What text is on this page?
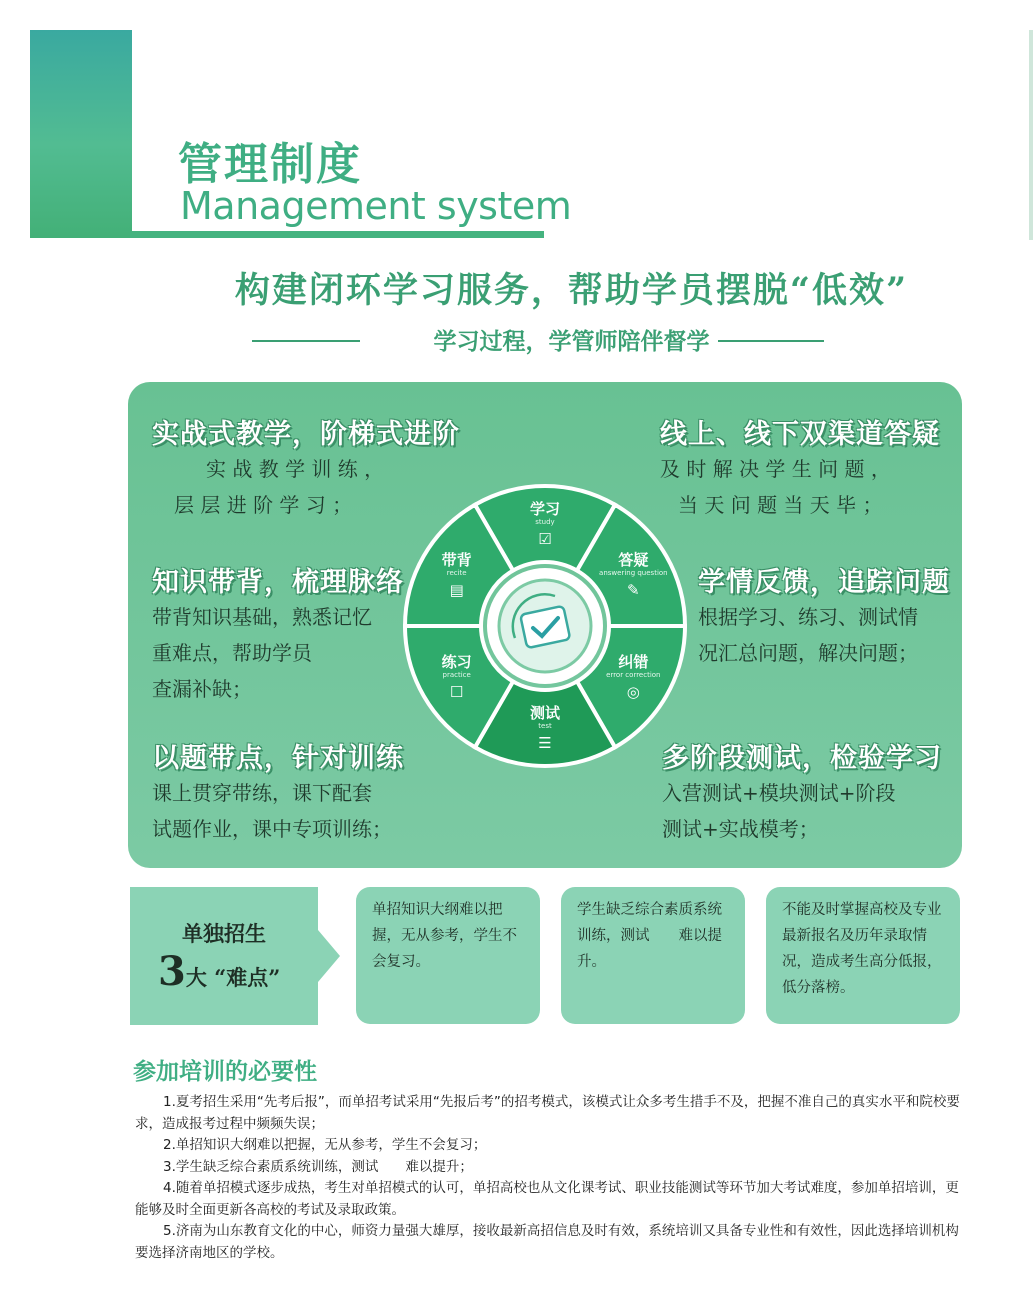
管理制度
Management system
构建闭环学习服务，帮助学员摆脱“低效”
学习过程，学管师陪伴督学
实战式教学，阶梯式进阶
实 战 教 学 训 练 ，
层 层 进 阶 学 习 ；
知识带背，梳理脉络
带背知识基础，熟悉记忆
重难点，帮助学员
查漏补缺；
以题带点，针对训练
课上贯穿带练，课下配套
试题作业，课中专项训练；
线上、线下双渠道答疑
及 时 解 决 学 生 问 题 ，
当 天 问 题 当 天 毕 ；
学情反馈，追踪问题
根据学习、练习、测试情
况汇总问题，解决问题；
多阶段测试，检验学习
入营测试+模块测试+阶段
测试+实战模考；
学习
study
☑
答疑
answering question
✎
纠错
error correction
◎
测试
test
☰
练习
practice
☐
带背
recite
▤
单独招生
3大 “难点”
单招知识大纲难以把握，无从参考，学生不会复习。
学生缺乏综合素质系统训练，测试　　难以提升。
不能及时掌握高校及专业最新报名及历年录取情况，造成考生高分低报，低分落榜。
参加培训的必要性
1.夏考招生采用“先考后报”，而单招考试采用“先报后考”的招考模式，该模式让众多考生措手不及，把握不准自己的真实水平和院校要求，造成报考过程中频频失误；
2.单招知识大纲难以把握，无从参考，学生不会复习；
3.学生缺乏综合素质系统训练，测试　　难以提升；
4.随着单招模式逐步成热，考生对单招模式的认可，单招高校也从文化课考试、职业技能测试等环节加大考试难度，参加单招培训，更能够及时全面更新各高校的考试及录取政策。
5.济南为山东教育文化的中心，师资力量强大雄厚，接收最新高招信息及时有效，系统培训又具备专业性和有效性，因此选择培训机构要选择济南地区的学校。
